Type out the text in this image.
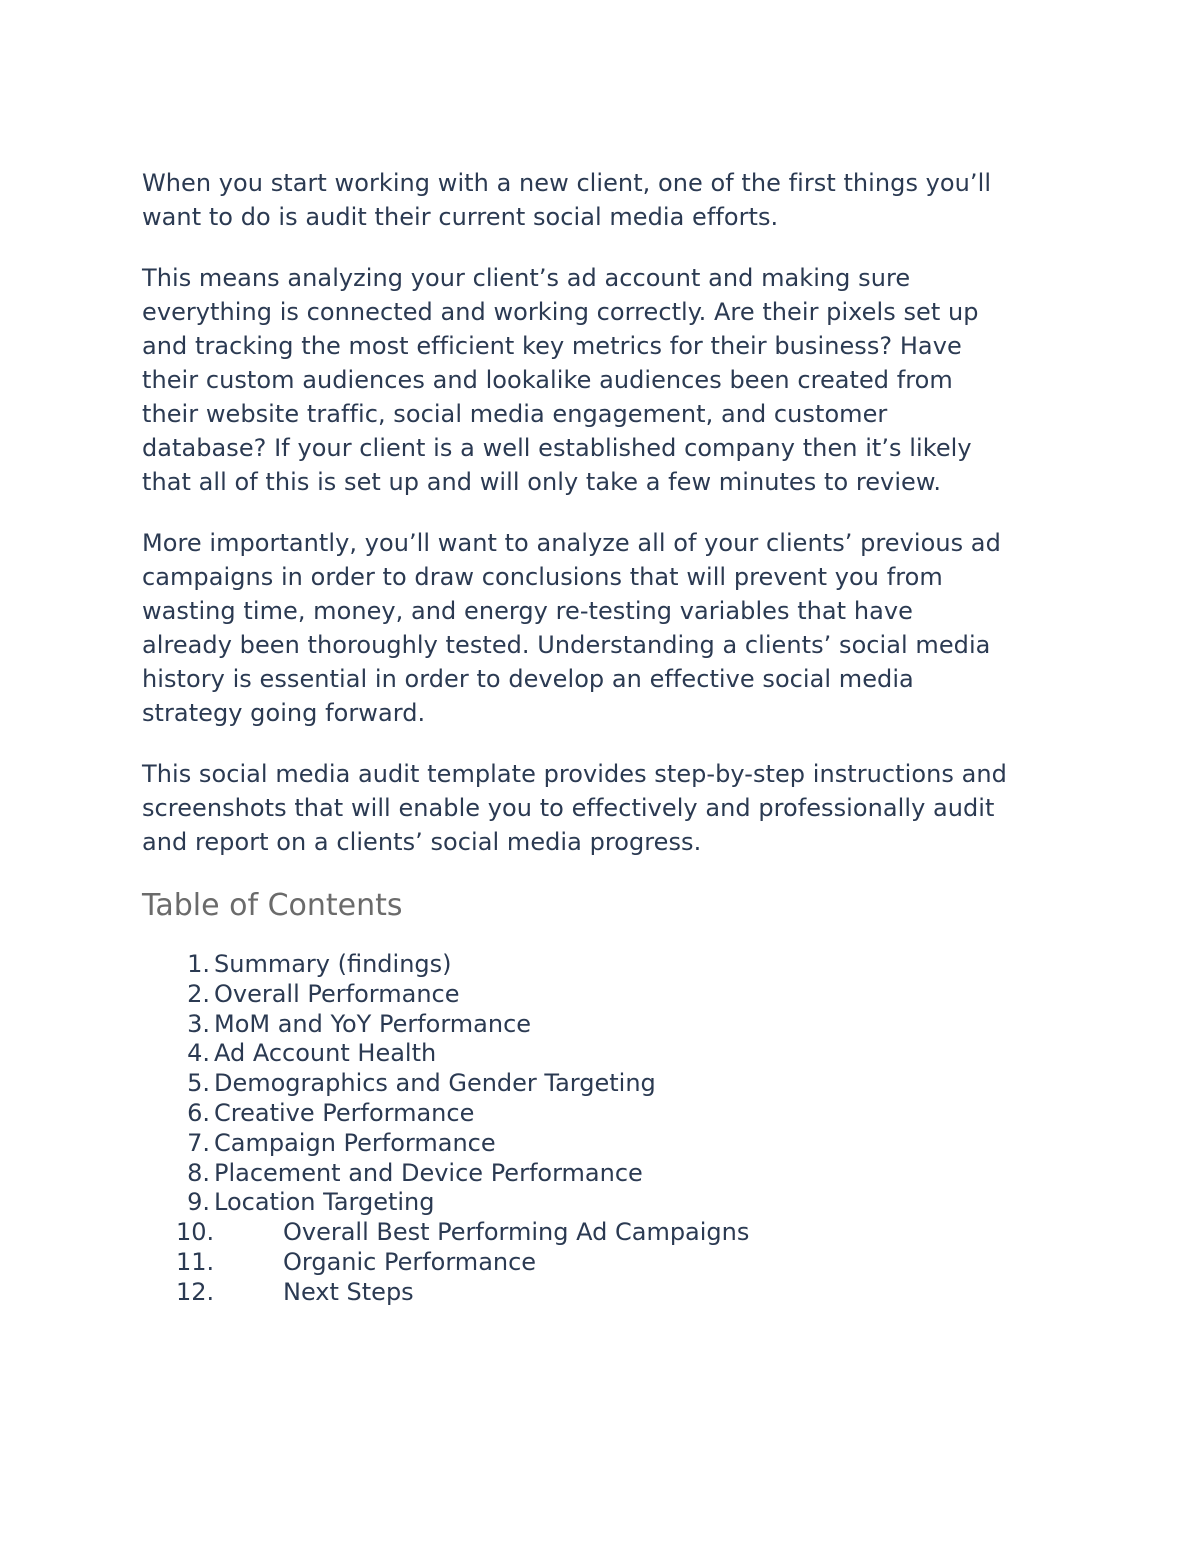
When you start working with a new client, one of the first things you’ll
want to do is audit their current social media efforts.

This means analyzing your client’s ad account and making sure
everything is connected and working correctly. Are their pixels set up
and tracking the most efficient key metrics for their business? Have
their custom audiences and lookalike audiences been created from
their website traffic, social media engagement, and customer
database? If your client is a well established company then it’s likely
that all of this is set up and will only take a few minutes to review.

More importantly, you’ll want to analyze all of your clients’ previous ad
campaigns in order to draw conclusions that will prevent you from
wasting time, money, and energy re-testing variables that have
already been thoroughly tested. Understanding a clients’ social media
history is essential in order to develop an effective social media
strategy going forward.

This social media audit template provides step-by-step instructions and
screenshots that will enable you to effectively and professionally audit
and report on a clients’ social media progress.

Table of Contents
1. Summary (findings)
2. Overall Performance
3. MoM and YoY Performance
4. Ad Account Health
5. Demographics and Gender Targeting
6. Creative Performance
7. Campaign Performance
8. Placement and Device Performance
9. Location Targeting
10.	Overall Best Performing Ad Campaigns
11.	Organic Performance
12.	Next Steps
